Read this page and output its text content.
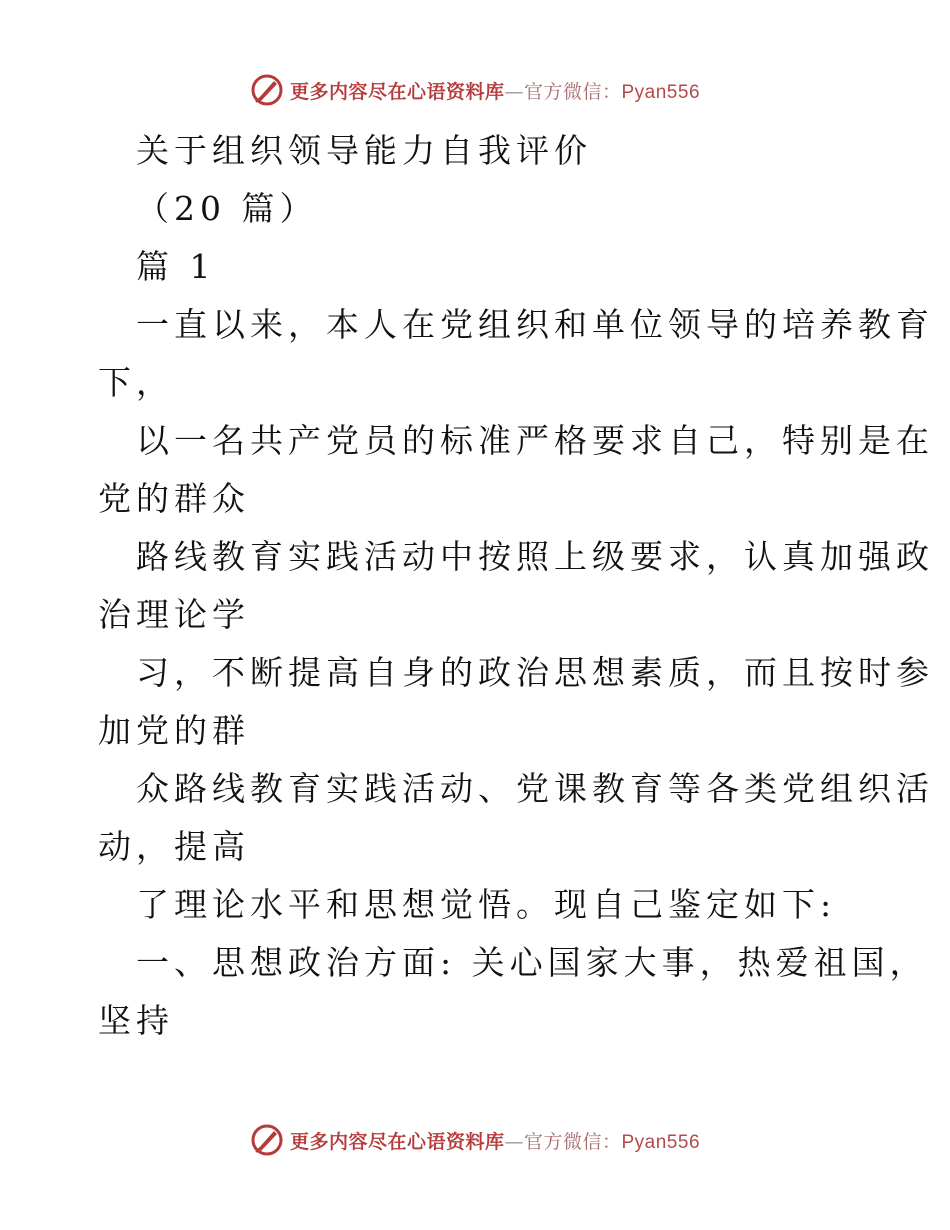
更多内容尽在心语资料库—官方微信：Pyan556
关于组织领导能力自我评价
（20 篇）
篇 1
一直以来，本人在党组织和单位领导的培养教育
下，
以一名共产党员的标准严格要求自己，特别是在
党的群众
路线教育实践活动中按照上级要求，认真加强政
治理论学
习，不断提高自身的政治思想素质，而且按时参
加党的群
众路线教育实践活动、党课教育等各类党组织活
动，提高
了理论水平和思想觉悟。现自己鉴定如下:
一、思想政治方面: 关心国家大事，热爱祖国，
坚持
更多内容尽在心语资料库—官方微信：Pyan556
